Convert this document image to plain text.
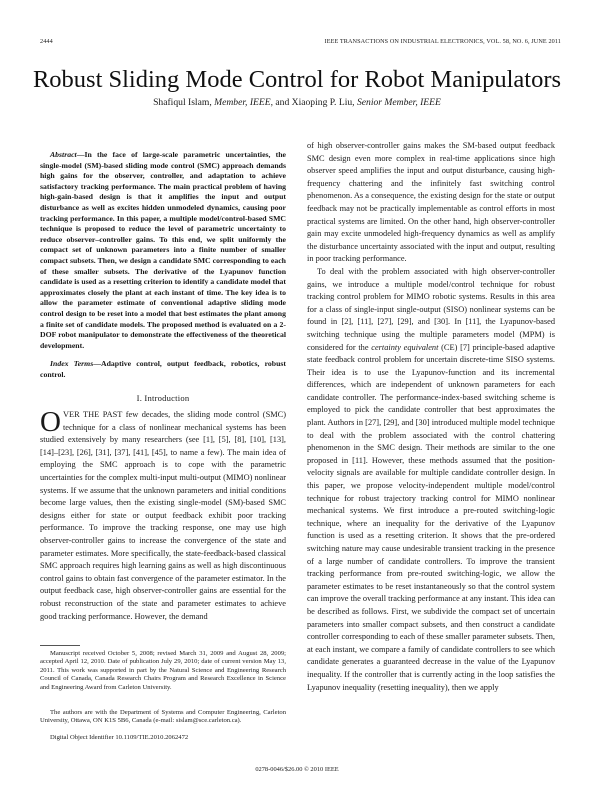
2444	IEEE TRANSACTIONS ON INDUSTRIAL ELECTRONICS, VOL. 58, NO. 6, JUNE 2011
Robust Sliding Mode Control for Robot Manipulators
Shafiqul Islam, Member, IEEE, and Xiaoping P. Liu, Senior Member, IEEE

Abstract—In the face of large-scale parametric uncertainties, the single-model (SM)-based sliding mode control (SMC) approach demands high gains for the observer, controller, and adaptation to achieve satisfactory tracking performance. The main practical problem of having high-gain-based design is that it amplifies the input and output disturbance as well as excites hidden unmodeled dynamics, causing poor tracking performance. In this paper, a multiple model/control-based SMC technique is proposed to reduce the level of parametric uncertainty to reduce observer–controller gains. To this end, we split uniformly the compact set of unknown parameters into a finite number of smaller compact subsets. Then, we design a candidate SMC corresponding to each of these smaller subsets. The derivative of the Lyapunov function candidate is used as a resetting criterion to identify a candidate model that approximates closely the plant at each instant of time. The key idea is to allow the parameter estimate of conventional adaptive sliding mode control design to be reset into a model that best estimates the plant among a finite set of candidate models. The proposed method is evaluated on a 2-DOF robot manipulator to demonstrate the effectiveness of the theoretical development.

Index Terms—Adaptive control, output feedback, robotics, robust control.

I. Introduction

OVER THE PAST few decades, the sliding mode control (SMC) technique for a class of nonlinear mechanical systems has been studied extensively by many researchers (see [1], [5], [8], [10], [13], [14]–[23], [26], [31], [37], [41], [45], to name a few). The main idea of employing the SMC approach is to cope with the parametric uncertainties for the complex multi-input multi-output (MIMO) nonlinear systems. If we assume that the unknown parameters and initial conditions become large values, then the existing single-model (SM)-based SMC designs either for state or output feedback exhibit poor tracking performance. To improve the tracking response, one may use high observer-controller gains to increase the convergence of the state and parameter estimates. More specifically, the state-feedback-based classical SMC approach requires high learning gains as well as high discontinuous control gains to obtain fast convergence of the parameter estimator. In the output feedback case, high observer-controller gains are essential for the robust reconstruction of the state and parameter estimates to achieve good tracking performance. However, the demand

Manuscript received October 5, 2008; revised March 31, 2009 and August 28, 2009; accepted April 12, 2010. Date of publication July 29, 2010; date of current version May 13, 2011. This work was supported in part by the Natural Science and Engineering Research Council of Canada, Canada Research Chairs Program and Research Excellence in Science and Engineering Award from Carleton University.
The authors are with the Department of Systems and Computer Engineering, Carleton University, Ottawa, ON K1S 5B6, Canada (e-mail: sislam@sce.carleton.ca).
Digital Object Identifier 10.1109/TIE.2010.2062472

of high observer-controller gains makes the SM-based output feedback SMC design even more complex in real-time applications since high observer speed amplifies the input and output disturbance, causing high-frequency chattering and the infinitely fast switching control phenomenon. As a consequence, the existing design for the state or output feedback may not be practically implementable as control efforts in most practical systems are limited. On the other hand, high observer-controller gain may excite unmodeled high-frequency dynamics as well as amplify the disturbance uncertainty associated with the input and output, resulting in poor tracking performance.

To deal with the problem associated with high observer-controller gains, we introduce a multiple model/control technique for robust tracking control problem for MIMO robotic systems. Results in this area for a class of single-input single-output (SISO) nonlinear systems can be found in [2], [11], [27], [29], and [30]. In [11], the Lyapunov-based switching technique using the multiple parameters model (MPM) is considered for the certainty equivalent (CE) [7] principle-based adaptive state feedback control problem for uncertain discrete-time SISO systems. Their idea is to use the Lyapunov-function and its incremental differences, which are independent of unknown parameters for each candidate controller. The performance-index-based switching scheme is employed to pick the candidate controller that best approximates the plant. Authors in [27], [29], and [30] introduced multiple model technique to deal with the problem associated with the control chattering phenomenon in the SMC design. Their methods are similar to the one proposed in [11]. However, these methods assumed that the position-velocity signals are available for multiple candidate controller design. In this paper, we propose velocity-independent multiple model/control technique for robust trajectory tracking control for MIMO nonlinear mechanical systems. We first introduce a pre-routed switching-logic technique, where an inequality for the derivative of the Lyapunov function is used as a resetting criterion. It shows that the pre-ordered switching nature may cause undesirable transient tracking in the presence of a large number of candidate controllers. To improve the transient tracking performance from pre-routed switching-logic, we allow the parameter estimates to be reset instantaneously so that the control system can improve the overall tracking performance at any instant. This idea can be described as follows. First, we subdivide the compact set of uncertain parameters into smaller compact subsets, and then construct a candidate controller corresponding to each of these smaller parameter subsets. Then, at each instant, we compare a family of candidate controllers to see which candidate generates a guaranteed decrease in the value of the Lyapunov inequality. If the controller that is currently acting in the loop satisfies the Lyapunov inequality (resetting inequality), then we apply

0278-0046/$26.00 © 2010 IEEE
